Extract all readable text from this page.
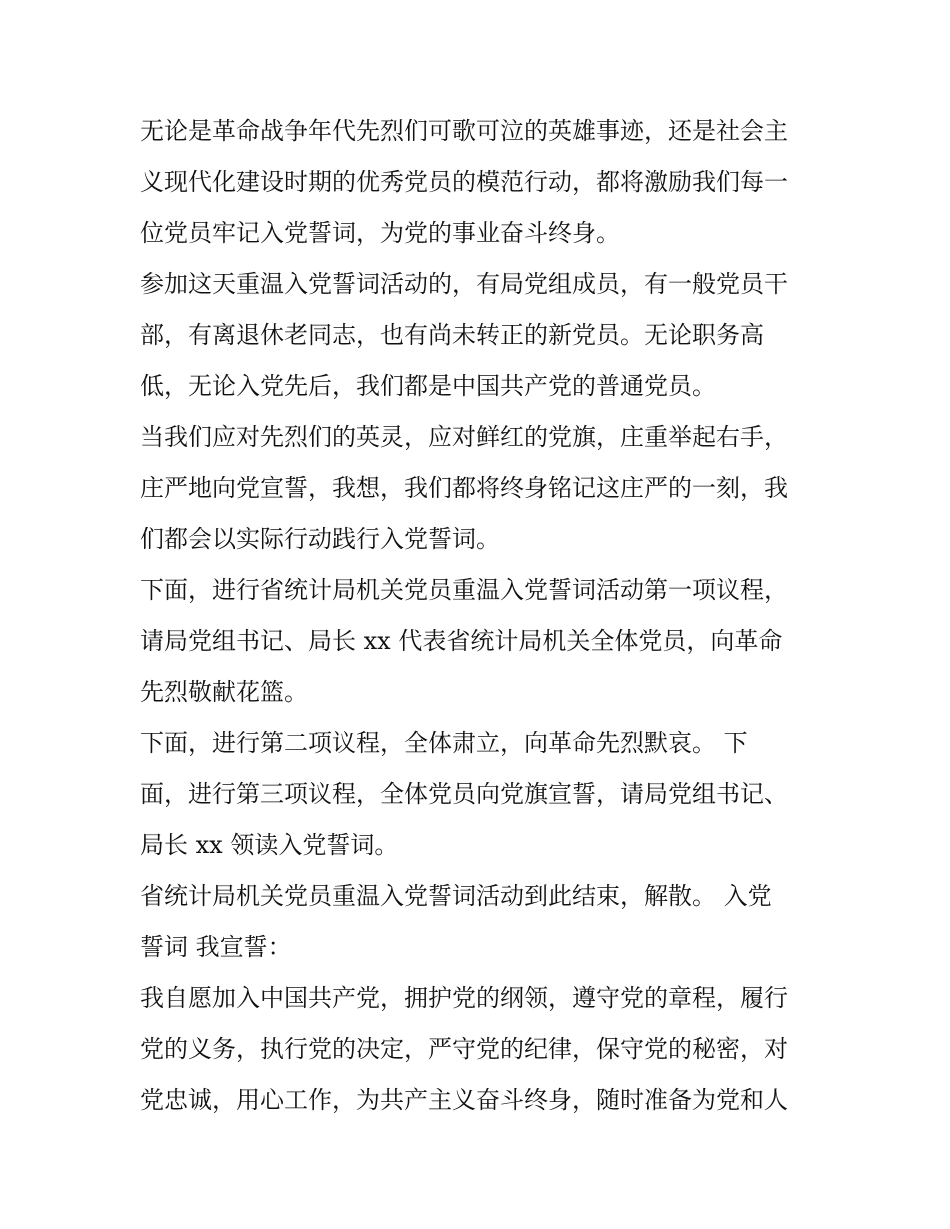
无论是革命战争年代先烈们可歌可泣的英雄事迹，还是社会主
义现代化建设时期的优秀党员的模范行动，都将激励我们每一
位党员牢记入党誓词，为党的事业奋斗终身。
参加这天重温入党誓词活动的，有局党组成员，有一般党员干
部，有离退休老同志，也有尚未转正的新党员。无论职务高
低，无论入党先后，我们都是中国共产党的普通党员。
当我们应对先烈们的英灵，应对鲜红的党旗，庄重举起右手，
庄严地向党宣誓，我想，我们都将终身铭记这庄严的一刻，我
们都会以实际行动践行入党誓词。
下面，进行省统计局机关党员重温入党誓词活动第一项议程，
请局党组书记、局长 xx 代表省统计局机关全体党员，向革命
先烈敬献花篮。
下面，进行第二项议程，全体肃立，向革命先烈默哀。 下
面，进行第三项议程，全体党员向党旗宣誓，请局党组书记、
局长 xx 领读入党誓词。
省统计局机关党员重温入党誓词活动到此结束，解散。 入党
誓词 我宣誓：
我自愿加入中国共产党，拥护党的纲领，遵守党的章程，履行
党的义务，执行党的决定，严守党的纪律，保守党的秘密，对
党忠诚，用心工作，为共产主义奋斗终身，随时准备为党和人
